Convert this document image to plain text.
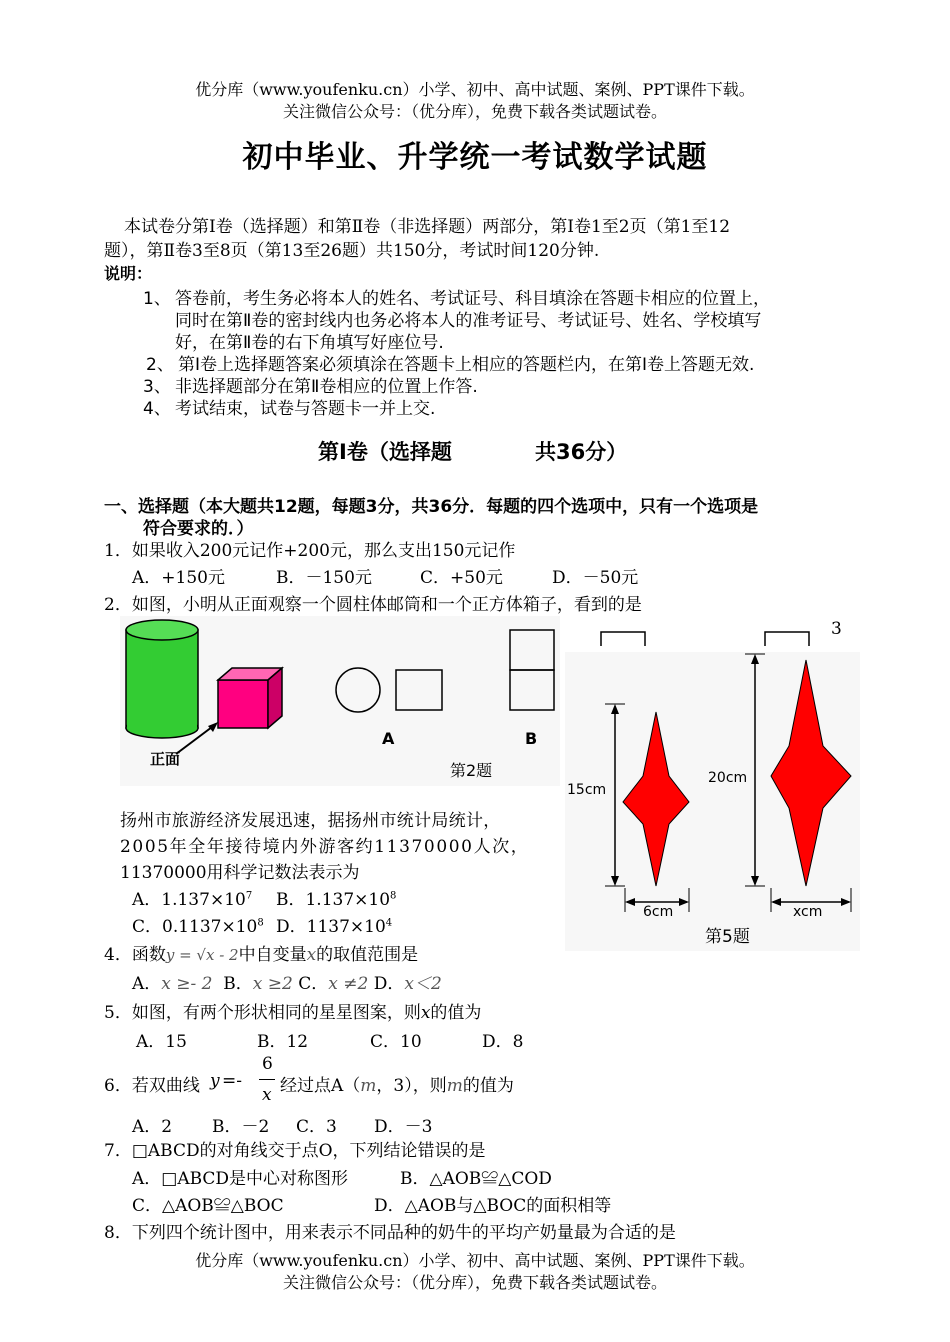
优分库（www.youfenku.cn）小学、初中、高中试题、案例、PPT课件下载。
关注微信公众号：（优分库），免费下载各类试题试卷。
初中毕业、升学统一考试数学试题
本试卷分第Ⅰ卷（选择题）和第Ⅱ卷（非选择题）两部分，第Ⅰ卷1至2页（第1至12
题），第Ⅱ卷3至8页（第13至26题）共150分，考试时间120分钟.
说明：
1、 答卷前，考生务必将本人的姓名、考试证号、科目填涂在答题卡相应的位置上，
同时在第Ⅱ卷的密封线内也务必将本人的准考证号、考试证号、姓名、学校填写
好，在第Ⅱ卷的右下角填写好座位号.
2、 第Ⅰ卷上选择题答案必须填涂在答题卡上相应的答题栏内，在第Ⅰ卷上答题无效.
3、 非选择题部分在第Ⅱ卷相应的位置上作答.
4、 考试结束，试卷与答题卡一并上交.
第Ⅰ卷（选择题	共36分）
一、选择题（本大题共12题，每题3分，共36分．每题的四个选项中，只有一个选项是
符合要求的．）
1．如果收入200元记作+200元，那么支出150元记作
A．+150元	B．－150元	C．+50元	D．－50元
2．如图，小明从正面观察一个圆柱体邮筒和一个正方体箱子，看到的是
正面
A	B
第2题
3
15cm
6cm
20cm
xcm
第5题
扬州市旅游经济发展迅速，据扬州市统计局统计，
2005年全年接待境内外游客约11370000人次，
11370000用科学记数法表示为
A．$1.137\times 10^7$ B．$1.137\times 10^8$
C．$0.1137\times 10^8$ D．$1137\times 10^4$
4．函数y = √x - 2中自变量x的取值范围是
A．x ≥- 2 B．x ≥2 C．x ≠2 D．x＜2
5．如图，有两个形状相同的星星图案，则x的值为
A．15	B．12	C．10	D．8
6．若双曲线 y =-
6
x 经过点A（m，3），则m的值为
A．2 B．－2 C．3 D．－3
7．□ABCD的对角线交于点O，下列结论错误的是
A．□ABCD是中心对称图形	B．△AOB≌△COD
C．△AOB≌△BOC	D．△AOB与△BOC的面积相等
8．下列四个统计图中，用来表示不同品种的奶牛的平均产奶量最为合适的是
优分库（www.youfenku.cn）小学、初中、高中试题、案例、PPT课件下载。
关注微信公众号：（优分库），免费下载各类试题试卷。
